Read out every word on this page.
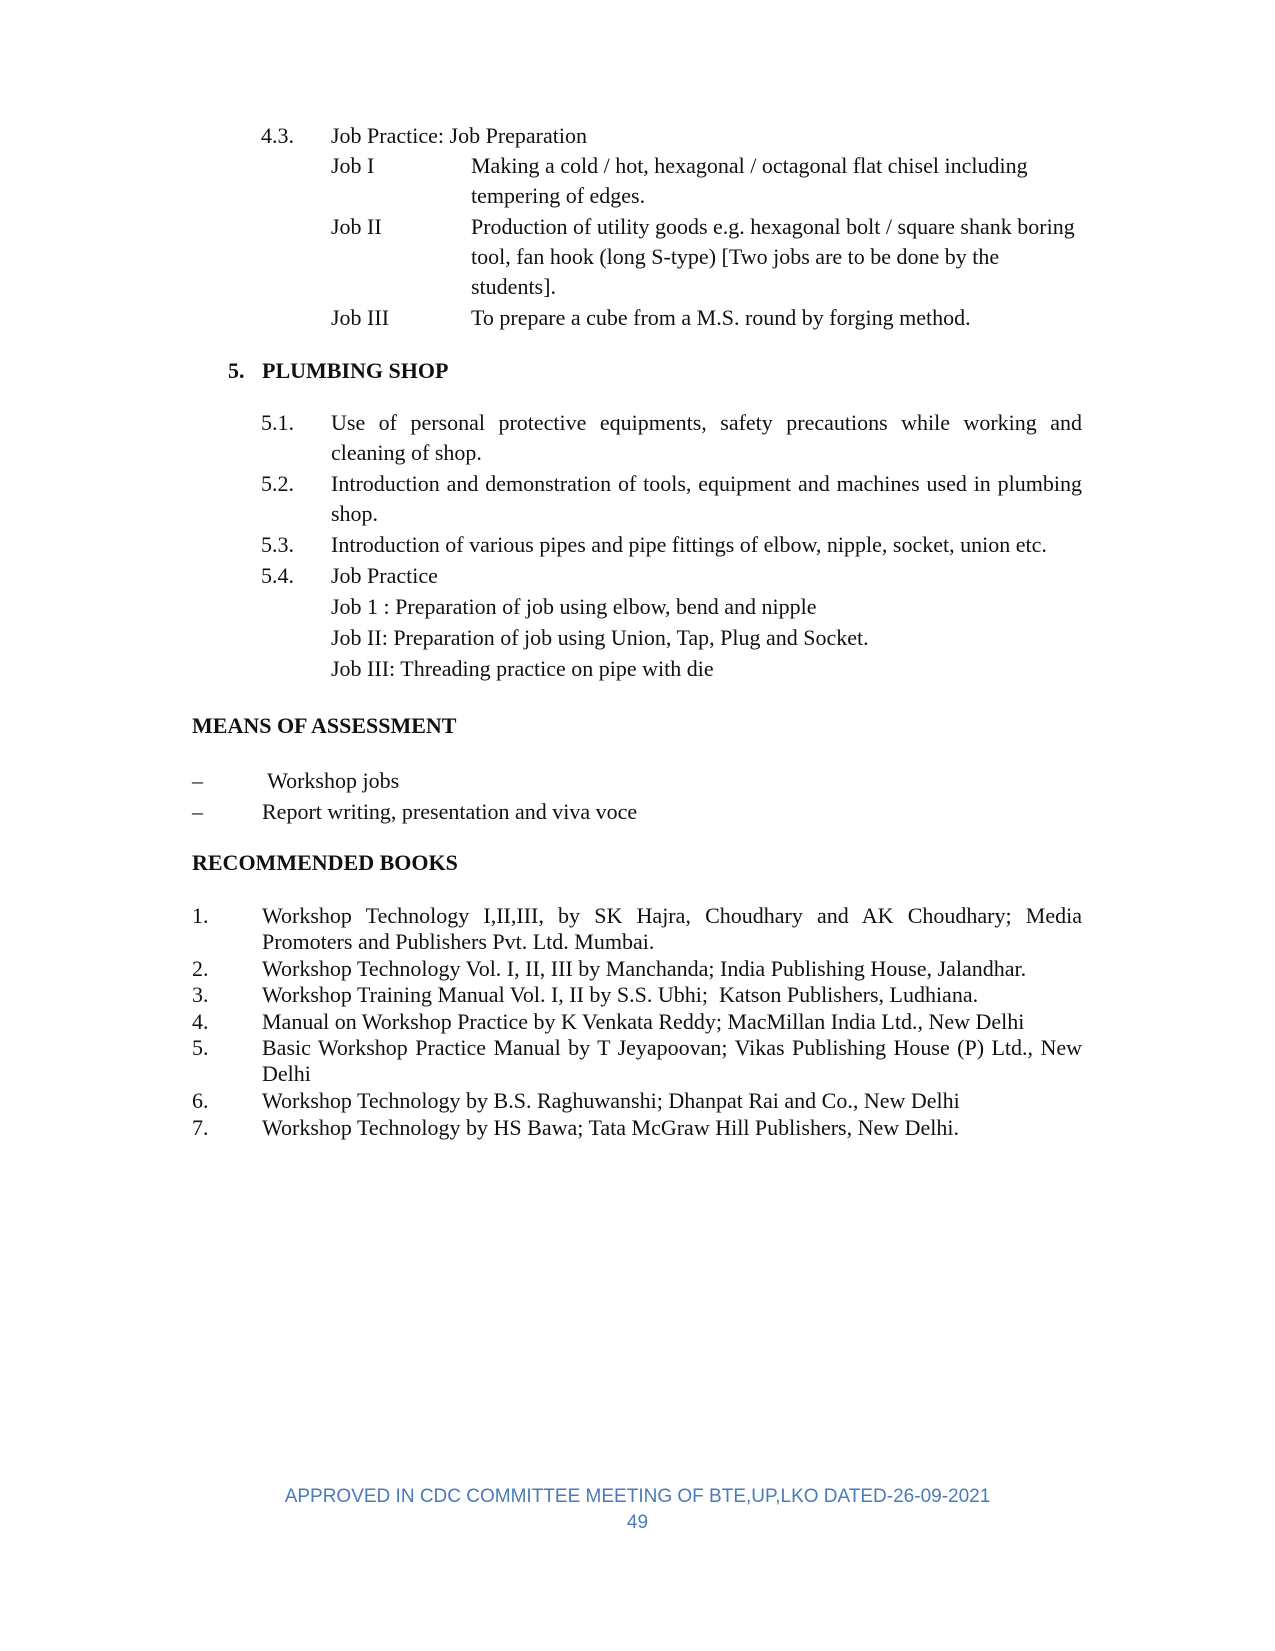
4.3. Job Practice: Job Preparation
Job I	Making a cold / hot, hexagonal / octagonal flat chisel including tempering of edges.
Job II	Production of utility goods e.g. hexagonal bolt / square shank boring tool, fan hook (long S-type) [Two jobs are to be done by the students].
Job III	To prepare a cube from a M.S. round by forging method.
5. PLUMBING SHOP
5.1. Use of personal protective equipments, safety precautions while working and cleaning of shop.
5.2. Introduction and demonstration of tools, equipment and machines used in plumbing shop.
5.3. Introduction of various pipes and pipe fittings of elbow, nipple, socket, union etc.
5.4. Job Practice
Job 1 : Preparation of job using elbow, bend and nipple
Job II: Preparation of job using Union, Tap, Plug and Socket.
Job III: Threading practice on pipe with die
MEANS OF ASSESSMENT
–	Workshop jobs
–	Report writing, presentation and viva voce
RECOMMENDED BOOKS
1. Workshop Technology I,II,III, by SK Hajra, Choudhary and AK Choudhary; Media Promoters and Publishers Pvt. Ltd. Mumbai.
2. Workshop Technology Vol. I, II, III by Manchanda; India Publishing House, Jalandhar.
3. Workshop Training Manual Vol. I, II by S.S. Ubhi;  Katson Publishers, Ludhiana.
4. Manual on Workshop Practice by K Venkata Reddy; MacMillan India Ltd., New Delhi
5. Basic Workshop Practice Manual by T Jeyapoovan; Vikas Publishing House (P) Ltd., New Delhi
6. Workshop Technology by B.S. Raghuwanshi; Dhanpat Rai and Co., New Delhi
7. Workshop Technology by HS Bawa; Tata McGraw Hill Publishers, New Delhi.
APPROVED IN CDC COMMITTEE MEETING OF BTE,UP,LKO DATED-26-09-2021
49
